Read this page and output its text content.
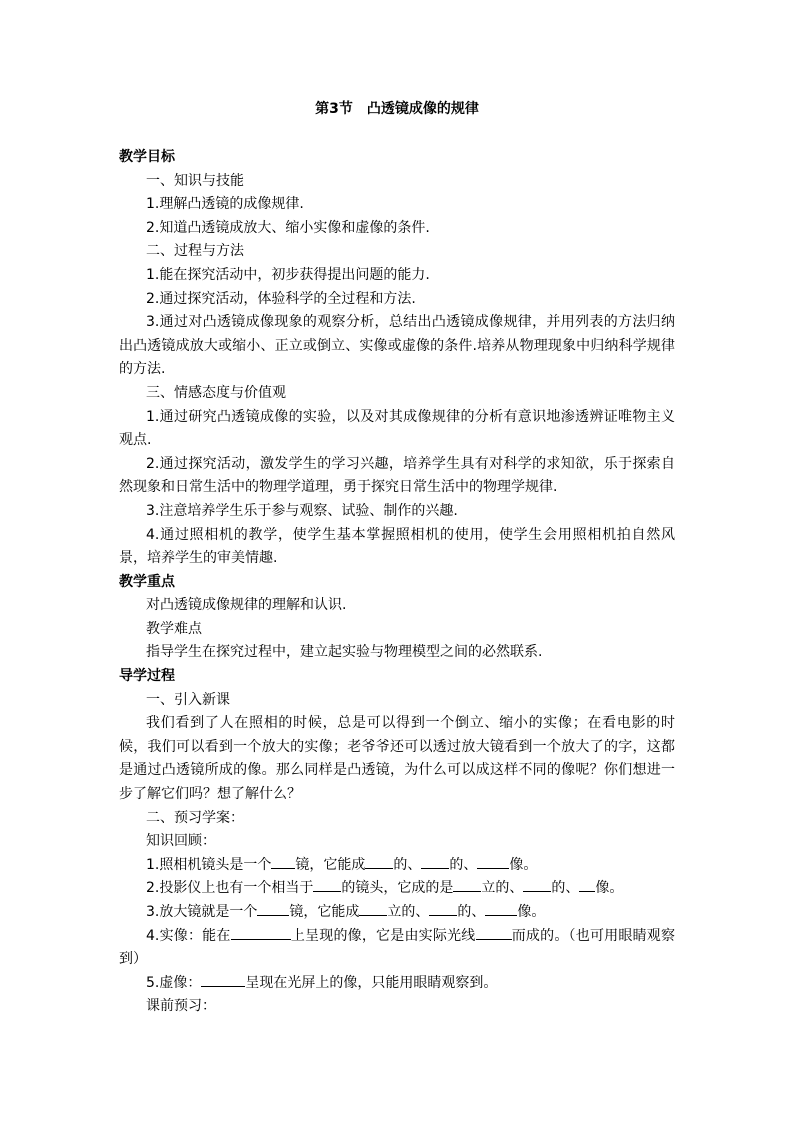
第3节　凸透镜成像的规律

教学目标

一、知识与技能

1.理解凸透镜的成像规律.

2.知道凸透镜成放大、缩小实像和虚像的条件.

二、过程与方法

1.能在探究活动中，初步获得提出问题的能力.

2.通过探究活动，体验科学的全过程和方法.

3.通过对凸透镜成像现象的观察分析，总结出凸透镜成像规律，并用列表的方法归纳出凸透镜成放大或缩小、正立或倒立、实像或虚像的条件.培养从物理现象中归纳科学规律的方法.

三、情感态度与价值观

1.通过研究凸透镜成像的实验，以及对其成像规律的分析有意识地渗透辨证唯物主义观点.

2.通过探究活动，激发学生的学习兴趣，培养学生具有对科学的求知欲，乐于探索自然现象和日常生活中的物理学道理，勇于探究日常生活中的物理学规律.

3.注意培养学生乐于参与观察、试验、制作的兴趣.

4.通过照相机的教学，使学生基本掌握照相机的使用，使学生会用照相机拍自然风景，培养学生的审美情趣.

教学重点

对凸透镜成像规律的理解和认识.

教学难点

指导学生在探究过程中，建立起实验与物理模型之间的必然联系.

导学过程

一、引入新课

我们看到了人在照相的时候，总是可以得到一个倒立、缩小的实像；在看电影的时候，我们可以看到一个放大的实像；老爷爷还可以透过放大镜看到一个放大了的字，这都是通过凸透镜所成的像。那么同样是凸透镜，为什么可以成这样不同的像呢？你们想进一步了解它们吗？想了解什么？

二、预习学案：

知识回顾：

1.照相机镜头是一个 镜，它能成 的、 的、 像。

2.投影仪上也有一个相当于 的镜头，它成的是 立的、 的、 像。

3.放大镜就是一个 镜，它能成 立的、 的、 像。

4.实像：能在	上呈现的像，它是由实际光线	而成的。（也可用眼睛观察到）

5.虚像：	呈现在光屏上的像，只能用眼睛观察到。

课前预习：
